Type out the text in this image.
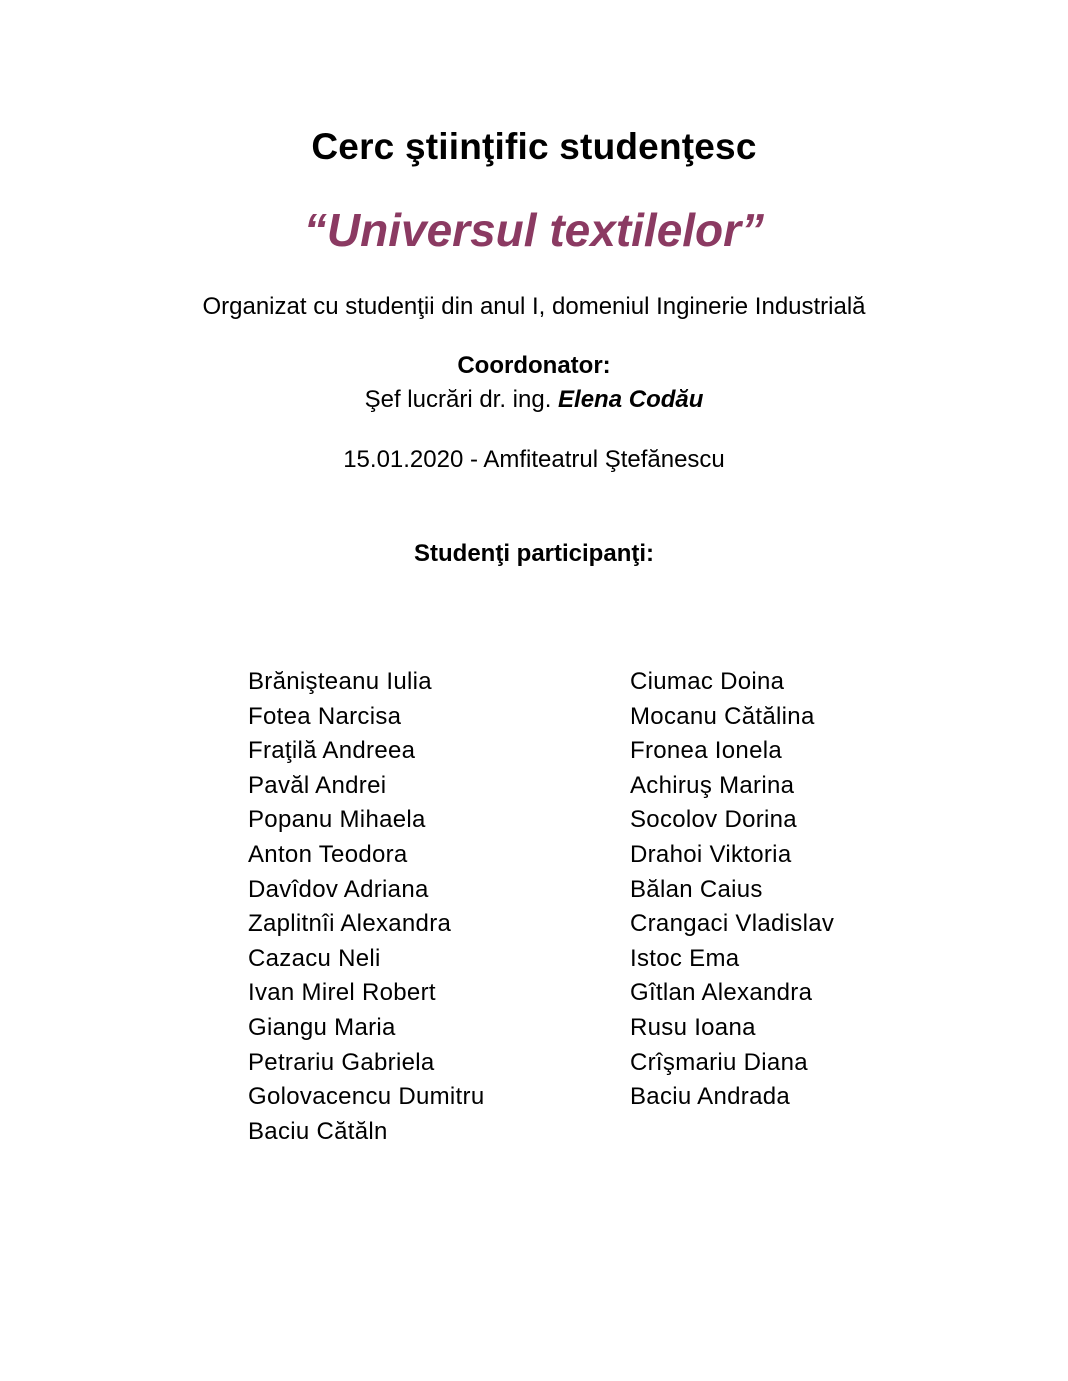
Cerc ştiinţific studenţesc
“Universul textilelor”
Organizat cu studenţii din anul I, domeniul Inginerie Industrială
Coordonator:
Şef lucrări dr. ing. Elena Codău
15.01.2020 - Amfiteatrul Ştefănescu
Studenţi participanţi:
Brănişteanu Iulia
Fotea Narcisa
Fraţilă Andreea
Pavăl Andrei
Popanu Mihaela
Anton Teodora
Davîdov Adriana
Zaplitnîi Alexandra
Cazacu Neli
Ivan Mirel Robert
Giangu Maria
Petrariu Gabriela
Golovacencu Dumitru
Baciu Cătăln
Ciumac Doina
Mocanu Cătălina
Fronea Ionela
Achiruş Marina
Socolov Dorina
Drahoi Viktoria
Bălan Caius
Crangaci Vladislav
Istoc Ema
Gîtlan Alexandra
Rusu Ioana
Crîşmariu Diana
Baciu Andrada
